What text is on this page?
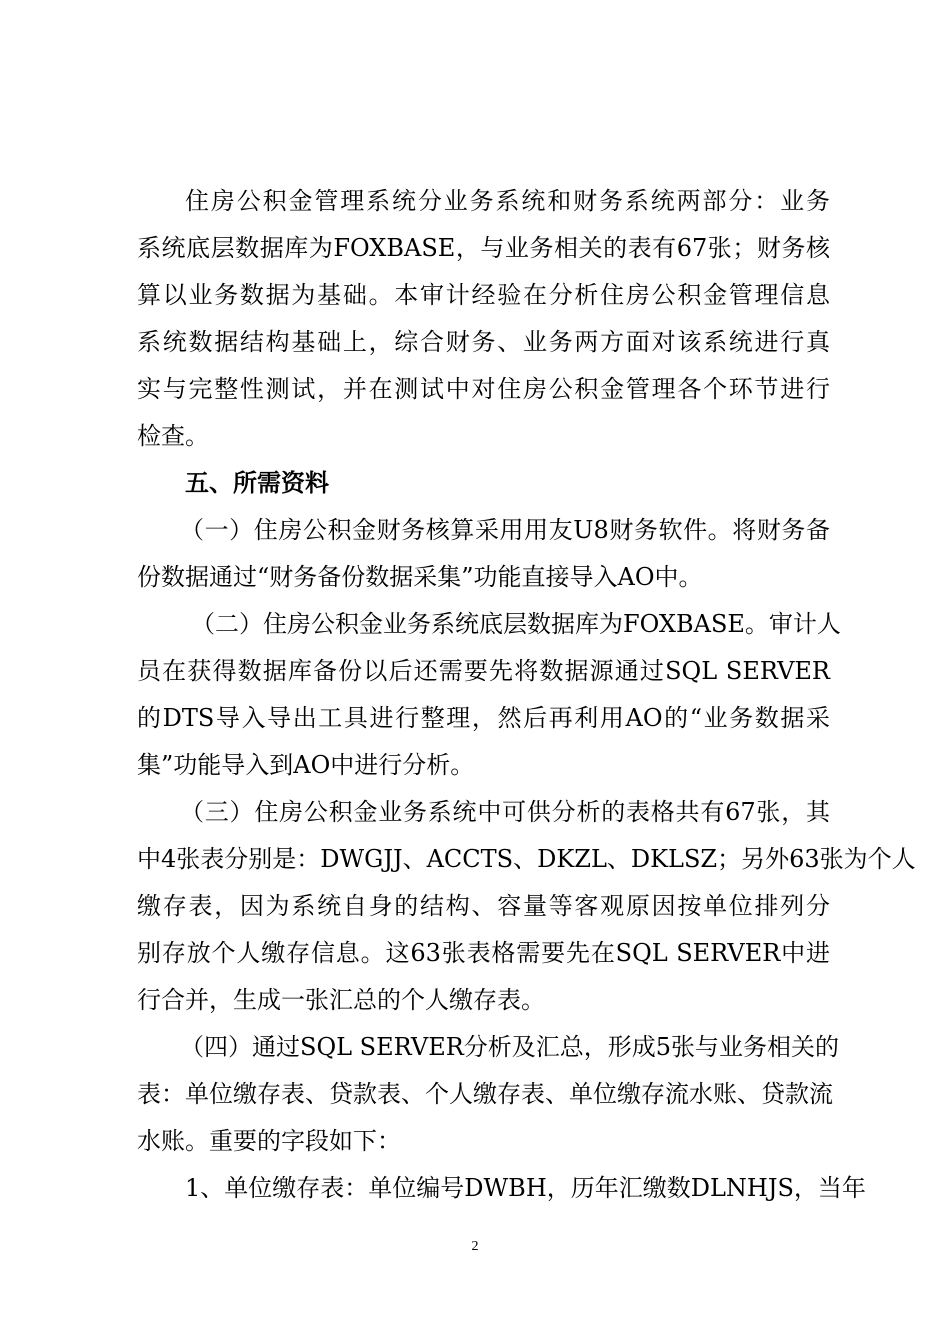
住房公积金管理系统分业务系统和财务系统两部分：业务
系统底层数据库为FOXBASE，与业务相关的表有67张；财务核
算以业务数据为基础。本审计经验在分析住房公积金管理信息
系统数据结构基础上，综合财务、业务两方面对该系统进行真
实与完整性测试，并在测试中对住房公积金管理各个环节进行
检查。
五、所需资料
（一）住房公积金财务核算采用用友U8财务软件。将财务备
份数据通过“财务备份数据采集”功能直接导入AO中。
（二）住房公积金业务系统底层数据库为FOXBASE。审计人
员在获得数据库备份以后还需要先将数据源通过SQL SERVER
的DTS导入导出工具进行整理，然后再利用AO的“业务数据采
集”功能导入到AO中进行分析。
（三）住房公积金业务系统中可供分析的表格共有67张，其
中4张表分别是：DWGJJ、ACCTS、DKZL、DKLSZ；另外63张为个人
缴存表，因为系统自身的结构、容量等客观原因按单位排列分
别存放个人缴存信息。这63张表格需要先在SQL SERVER中进
行合并，生成一张汇总的个人缴存表。
（四）通过SQL SERVER分析及汇总，形成5张与业务相关的
表：单位缴存表、贷款表、个人缴存表、单位缴存流水账、贷款流
水账。重要的字段如下：
1、单位缴存表：单位编号DWBH，历年汇缴数DLNHJS，当年
2
